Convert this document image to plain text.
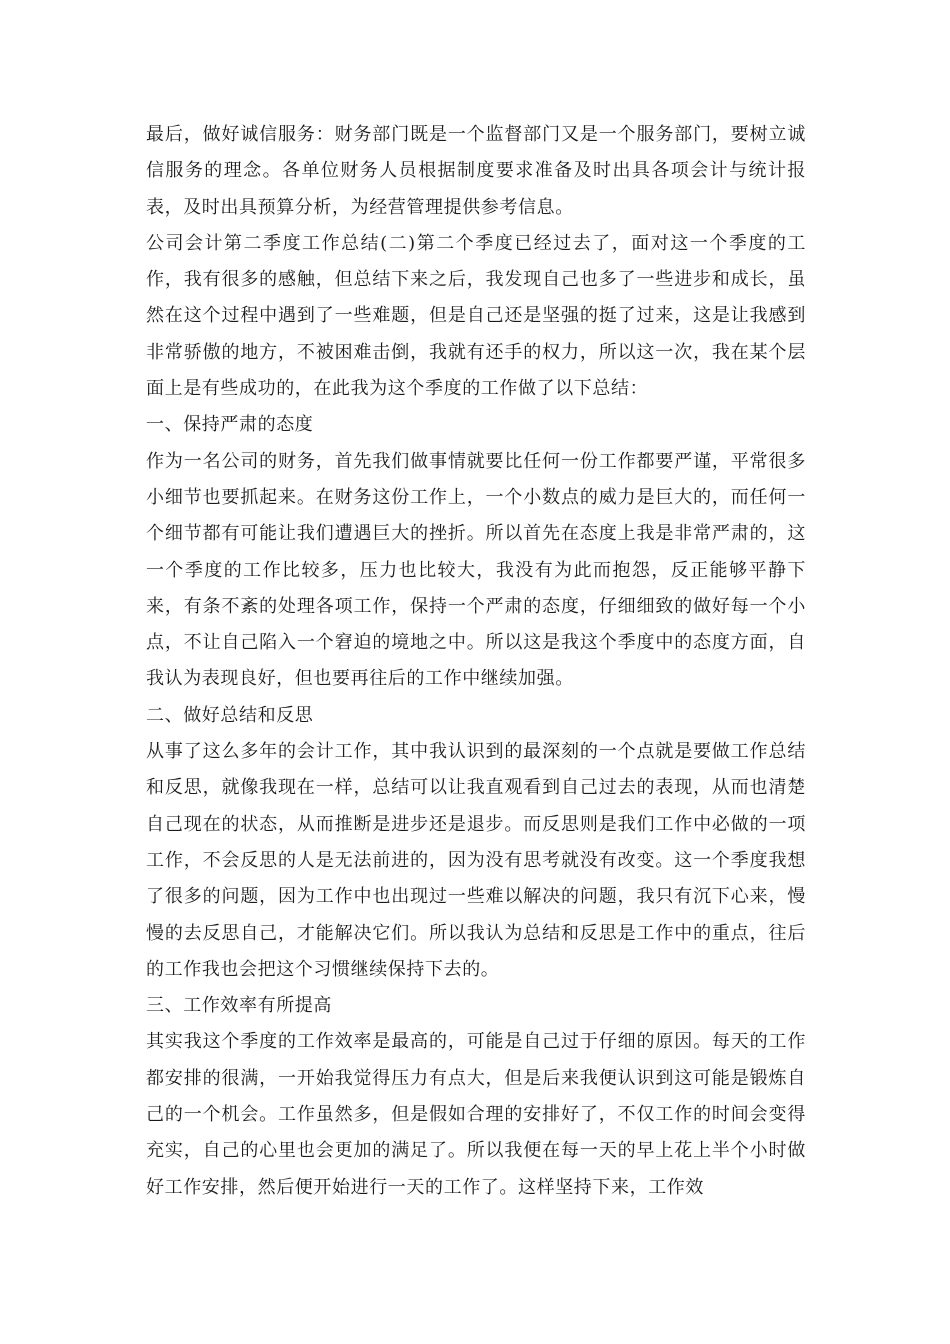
最后，做好诚信服务：财务部门既是一个监督部门又是一个服务部门，要树立诚信服务的理念。各单位财务人员根据制度要求准备及时出具各项会计与统计报表，及时出具预算分析，为经营管理提供参考信息。

公司会计第二季度工作总结(二)第二个季度已经过去了，面对这一个季度的工作，我有很多的感触，但总结下来之后，我发现自己也多了一些进步和成长，虽然在这个过程中遇到了一些难题，但是自己还是坚强的挺了过来，这是让我感到非常骄傲的地方，不被困难击倒，我就有还手的权力，所以这一次，我在某个层面上是有些成功的，在此我为这个季度的工作做了以下总结：

一、保持严肃的态度

作为一名公司的财务，首先我们做事情就要比任何一份工作都要严谨，平常很多小细节也要抓起来。在财务这份工作上，一个小数点的威力是巨大的，而任何一个细节都有可能让我们遭遇巨大的挫折。所以首先在态度上我是非常严肃的，这一个季度的工作比较多，压力也比较大，我没有为此而抱怨，反正能够平静下来，有条不紊的处理各项工作，保持一个严肃的态度，仔细细致的做好每一个小点，不让自己陷入一个窘迫的境地之中。所以这是我这个季度中的态度方面，自我认为表现良好，但也要再往后的工作中继续加强。

二、做好总结和反思

从事了这么多年的会计工作，其中我认识到的最深刻的一个点就是要做工作总结和反思，就像我现在一样，总结可以让我直观看到自己过去的表现，从而也清楚自己现在的状态，从而推断是进步还是退步。而反思则是我们工作中必做的一项工作，不会反思的人是无法前进的，因为没有思考就没有改变。这一个季度我想了很多的问题，因为工作中也出现过一些难以解决的问题，我只有沉下心来，慢慢的去反思自己，才能解决它们。所以我认为总结和反思是工作中的重点，往后的工作我也会把这个习惯继续保持下去的。

三、工作效率有所提高

其实我这个季度的工作效率是最高的，可能是自己过于仔细的原因。每天的工作都安排的很满，一开始我觉得压力有点大，但是后来我便认识到这可能是锻炼自己的一个机会。工作虽然多，但是假如合理的安排好了，不仅工作的时间会变得充实，自己的心里也会更加的满足了。所以我便在每一天的早上花上半个小时做好工作安排，然后便开始进行一天的工作了。这样坚持下来，工作效
